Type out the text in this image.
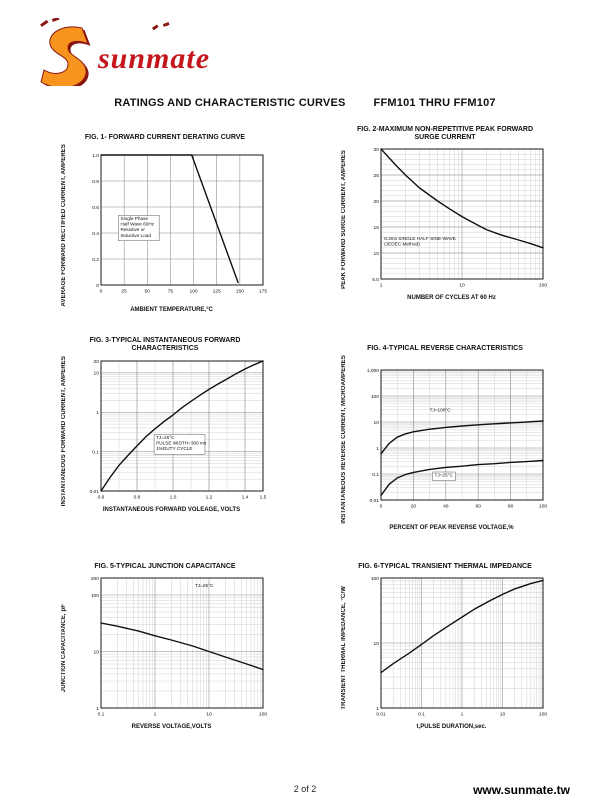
sunmate
RATINGS AND CHARACTERISTIC CURVES	FFM101 THRU FFM107
FIG. 1- FORWARD CURRENT DERATING CURVE
AVERAGE FORWARD RECTIFIED CURRENT, AMPERES	0	25	50	75	100	125	150	175
0
0.2
0.4
0.6
0.8
1.0
Single Phase
Half Wave 60Hz
Resistive or
Inductive Load
AMBIENT TEMPERATURE,°C
FIG. 2-MAXIMUM NON-REPETITIVE PEAK FORWARD SURGE CURRENT
PEAK FORWARD SURGE CURRENT, AMPERES	1	10	100
5.0
10
15
20
25
30
8.3ms SINGLE HALF SINE-WAVE
(JEDEC Method)
NUMBER OF CYCLES AT 60 Hz
FIG. 3-TYPICAL INSTANTANEOUS FORWARD CHARACTERISTICS
INSTANTANEOUS FORWARD CURRENT, AMPERES	0.6	0.8	1.0	1.2	1.4 1.5
0.01
0.1
1
10
20
TJ=25°C
PULSE WIDTH=300 ms
1%DUTY CYCLE
INSTANTANEOUS FORWARD VOLEAGE, VOLTS
FIG. 4-TYPICAL REVERSE CHARACTERISTICS
INSTANTANEOUS REVERSE CURRENT, MICROAMPERES	0	20	40	60	80	100
0.01
0.1
1
10
100
1,000
TJ=100°C
TJ=25°C
PERCENT OF PEAK REVERSE VOLTAGE,%
FIG. 5-TYPICAL JUNCTION CAPACITANCE
JUNCTION CAPACITANCE, pF
0.1	1	10	100
1
10
100
200
TJ=25°C
REVERSE VOLTAGE,VOLTS
FIG. 6-TYPICAL TRANSIENT THERMAL IMPEDANCE
TRANSIENT THERMAL IMPEDANCE, °C/W
0.01	0.1	1	10	100
1
10
100
t,PULSE DURATION,sec.
2 of 2	www.sunmate.tw
